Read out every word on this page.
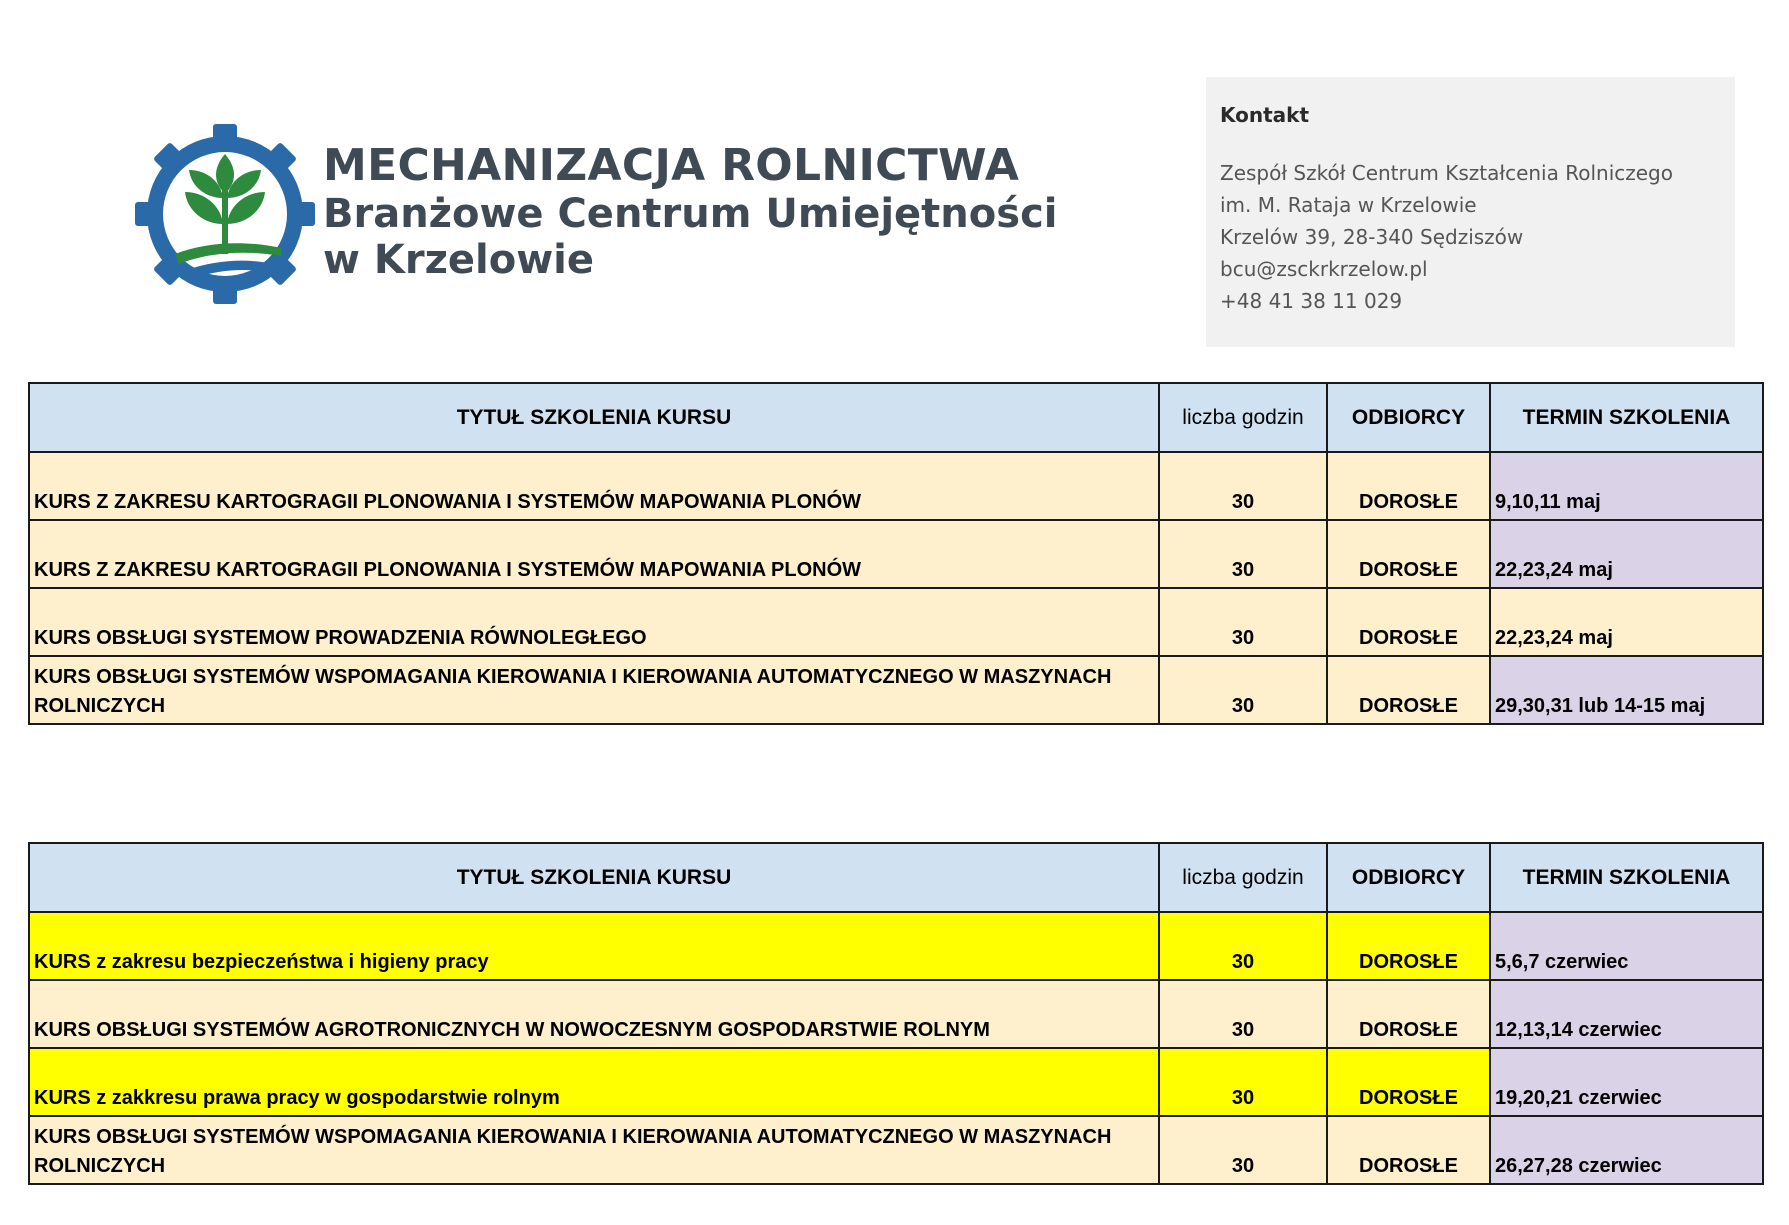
MECHANIZACJA ROLNICTWA
Branżowe Centrum Umiejętności
w Krzelowie
Kontakt
Zespół Szkół Centrum Kształcenia Rolniczego
im. M. Rataja w Krzelowie
Krzelów 39, 28-340 Sędziszów
bcu@zsckrkrzelow.pl
+48 41 38 11 029
TYTUŁ SZKOLENIA KURSU	liczba godzin	ODBIORCY	TERMIN SZKOLENIA
KURS Z ZAKRESU KARTOGRAGII PLONOWANIA I SYSTEMÓW MAPOWANIA PLONÓW	30	DOROSŁE	9,10,11 maj
KURS Z ZAKRESU KARTOGRAGII PLONOWANIA I SYSTEMÓW MAPOWANIA PLONÓW	30	DOROSŁE	22,23,24 maj
KURS OBSŁUGI SYSTEMOW PROWADZENIA RÓWNOLEGŁEGO	30	DOROSŁE	22,23,24 maj
KURS OBSŁUGI SYSTEMÓW WSPOMAGANIA KIEROWANIA I KIEROWANIA AUTOMATYCZNEGO W MASZYNACH ROLNICZYCH	30	DOROSŁE	29,30,31 lub 14-15 maj
TYTUŁ SZKOLENIA KURSU	liczba godzin	ODBIORCY	TERMIN SZKOLENIA
KURS z zakresu bezpieczeństwa i higieny pracy	30	DOROSŁE	5,6,7 czerwiec
KURS OBSŁUGI SYSTEMÓW AGROTRONICZNYCH W NOWOCZESNYM GOSPODARSTWIE ROLNYM	30	DOROSŁE	12,13,14 czerwiec
KURS z zakkresu prawa pracy w gospodarstwie rolnym	30	DOROSŁE	19,20,21 czerwiec
KURS OBSŁUGI SYSTEMÓW WSPOMAGANIA KIEROWANIA I KIEROWANIA AUTOMATYCZNEGO W MASZYNACH ROLNICZYCH	30	DOROSŁE	26,27,28 czerwiec
